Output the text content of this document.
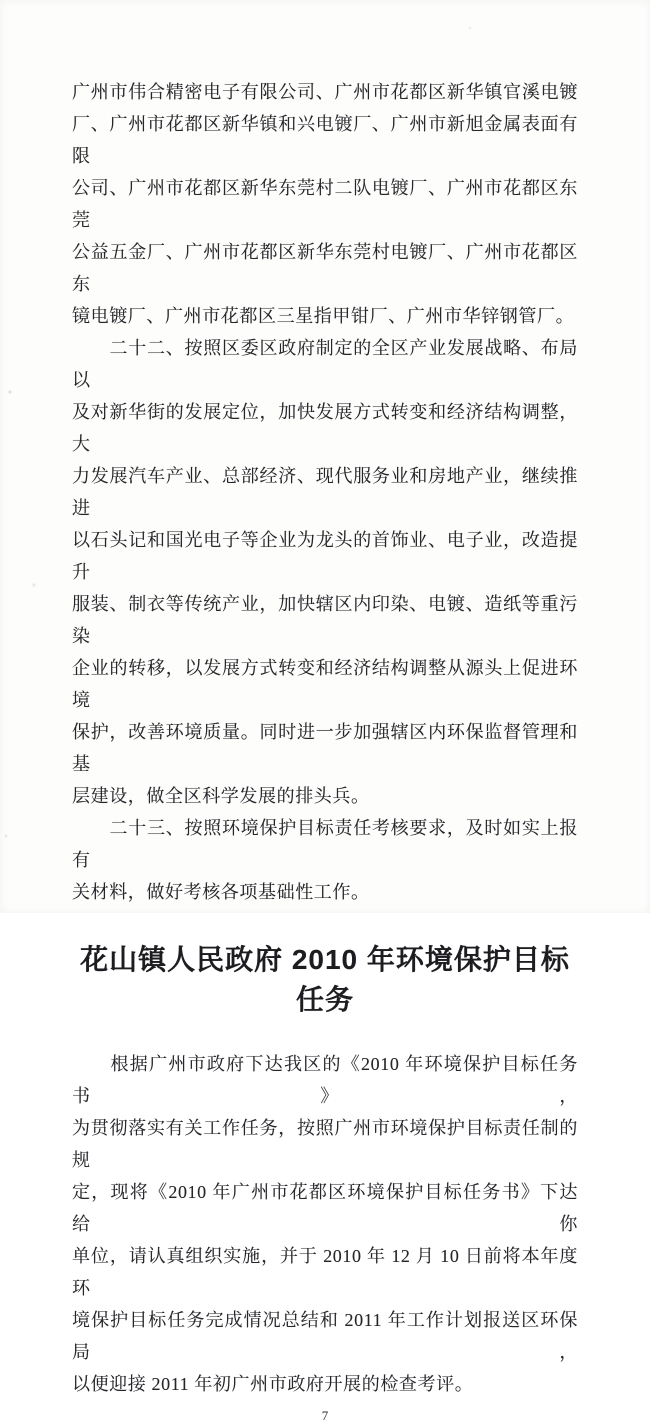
广州市伟合精密电子有限公司、广州市花都区新华镇官溪电镀
厂、广州市花都区新华镇和兴电镀厂、广州市新旭金属表面有限
公司、广州市花都区新华东莞村二队电镀厂、广州市花都区东莞
公益五金厂、广州市花都区新华东莞村电镀厂、广州市花都区东
镜电镀厂、广州市花都区三星指甲钳厂、广州市华锌钢管厂。
　　二十二、按照区委区政府制定的全区产业发展战略、布局以
及对新华街的发展定位，加快发展方式转变和经济结构调整，大
力发展汽车产业、总部经济、现代服务业和房地产业，继续推进
以石头记和国光电子等企业为龙头的首饰业、电子业，改造提升
服装、制衣等传统产业，加快辖区内印染、电镀、造纸等重污染
企业的转移，以发展方式转变和经济结构调整从源头上促进环境
保护，改善环境质量。同时进一步加强辖区内环保监督管理和基
层建设，做全区科学发展的排头兵。
　　二十三、按照环境保护目标责任考核要求，及时如实上报有
关材料，做好考核各项基础性工作。
花山镇人民政府 2010 年环境保护目标任务
　　根据广州市政府下达我区的《2010 年环境保护目标任务书》，
为贯彻落实有关工作任务，按照广州市环境保护目标责任制的规
定，现将《2010 年广州市花都区环境保护目标任务书》下达给你
单位，请认真组织实施，并于 2010 年 12 月 10 日前将本年度环
境保护目标任务完成情况总结和 2011 年工作计划报送区环保局，
以便迎接 2011 年初广州市政府开展的检查考评。
7
